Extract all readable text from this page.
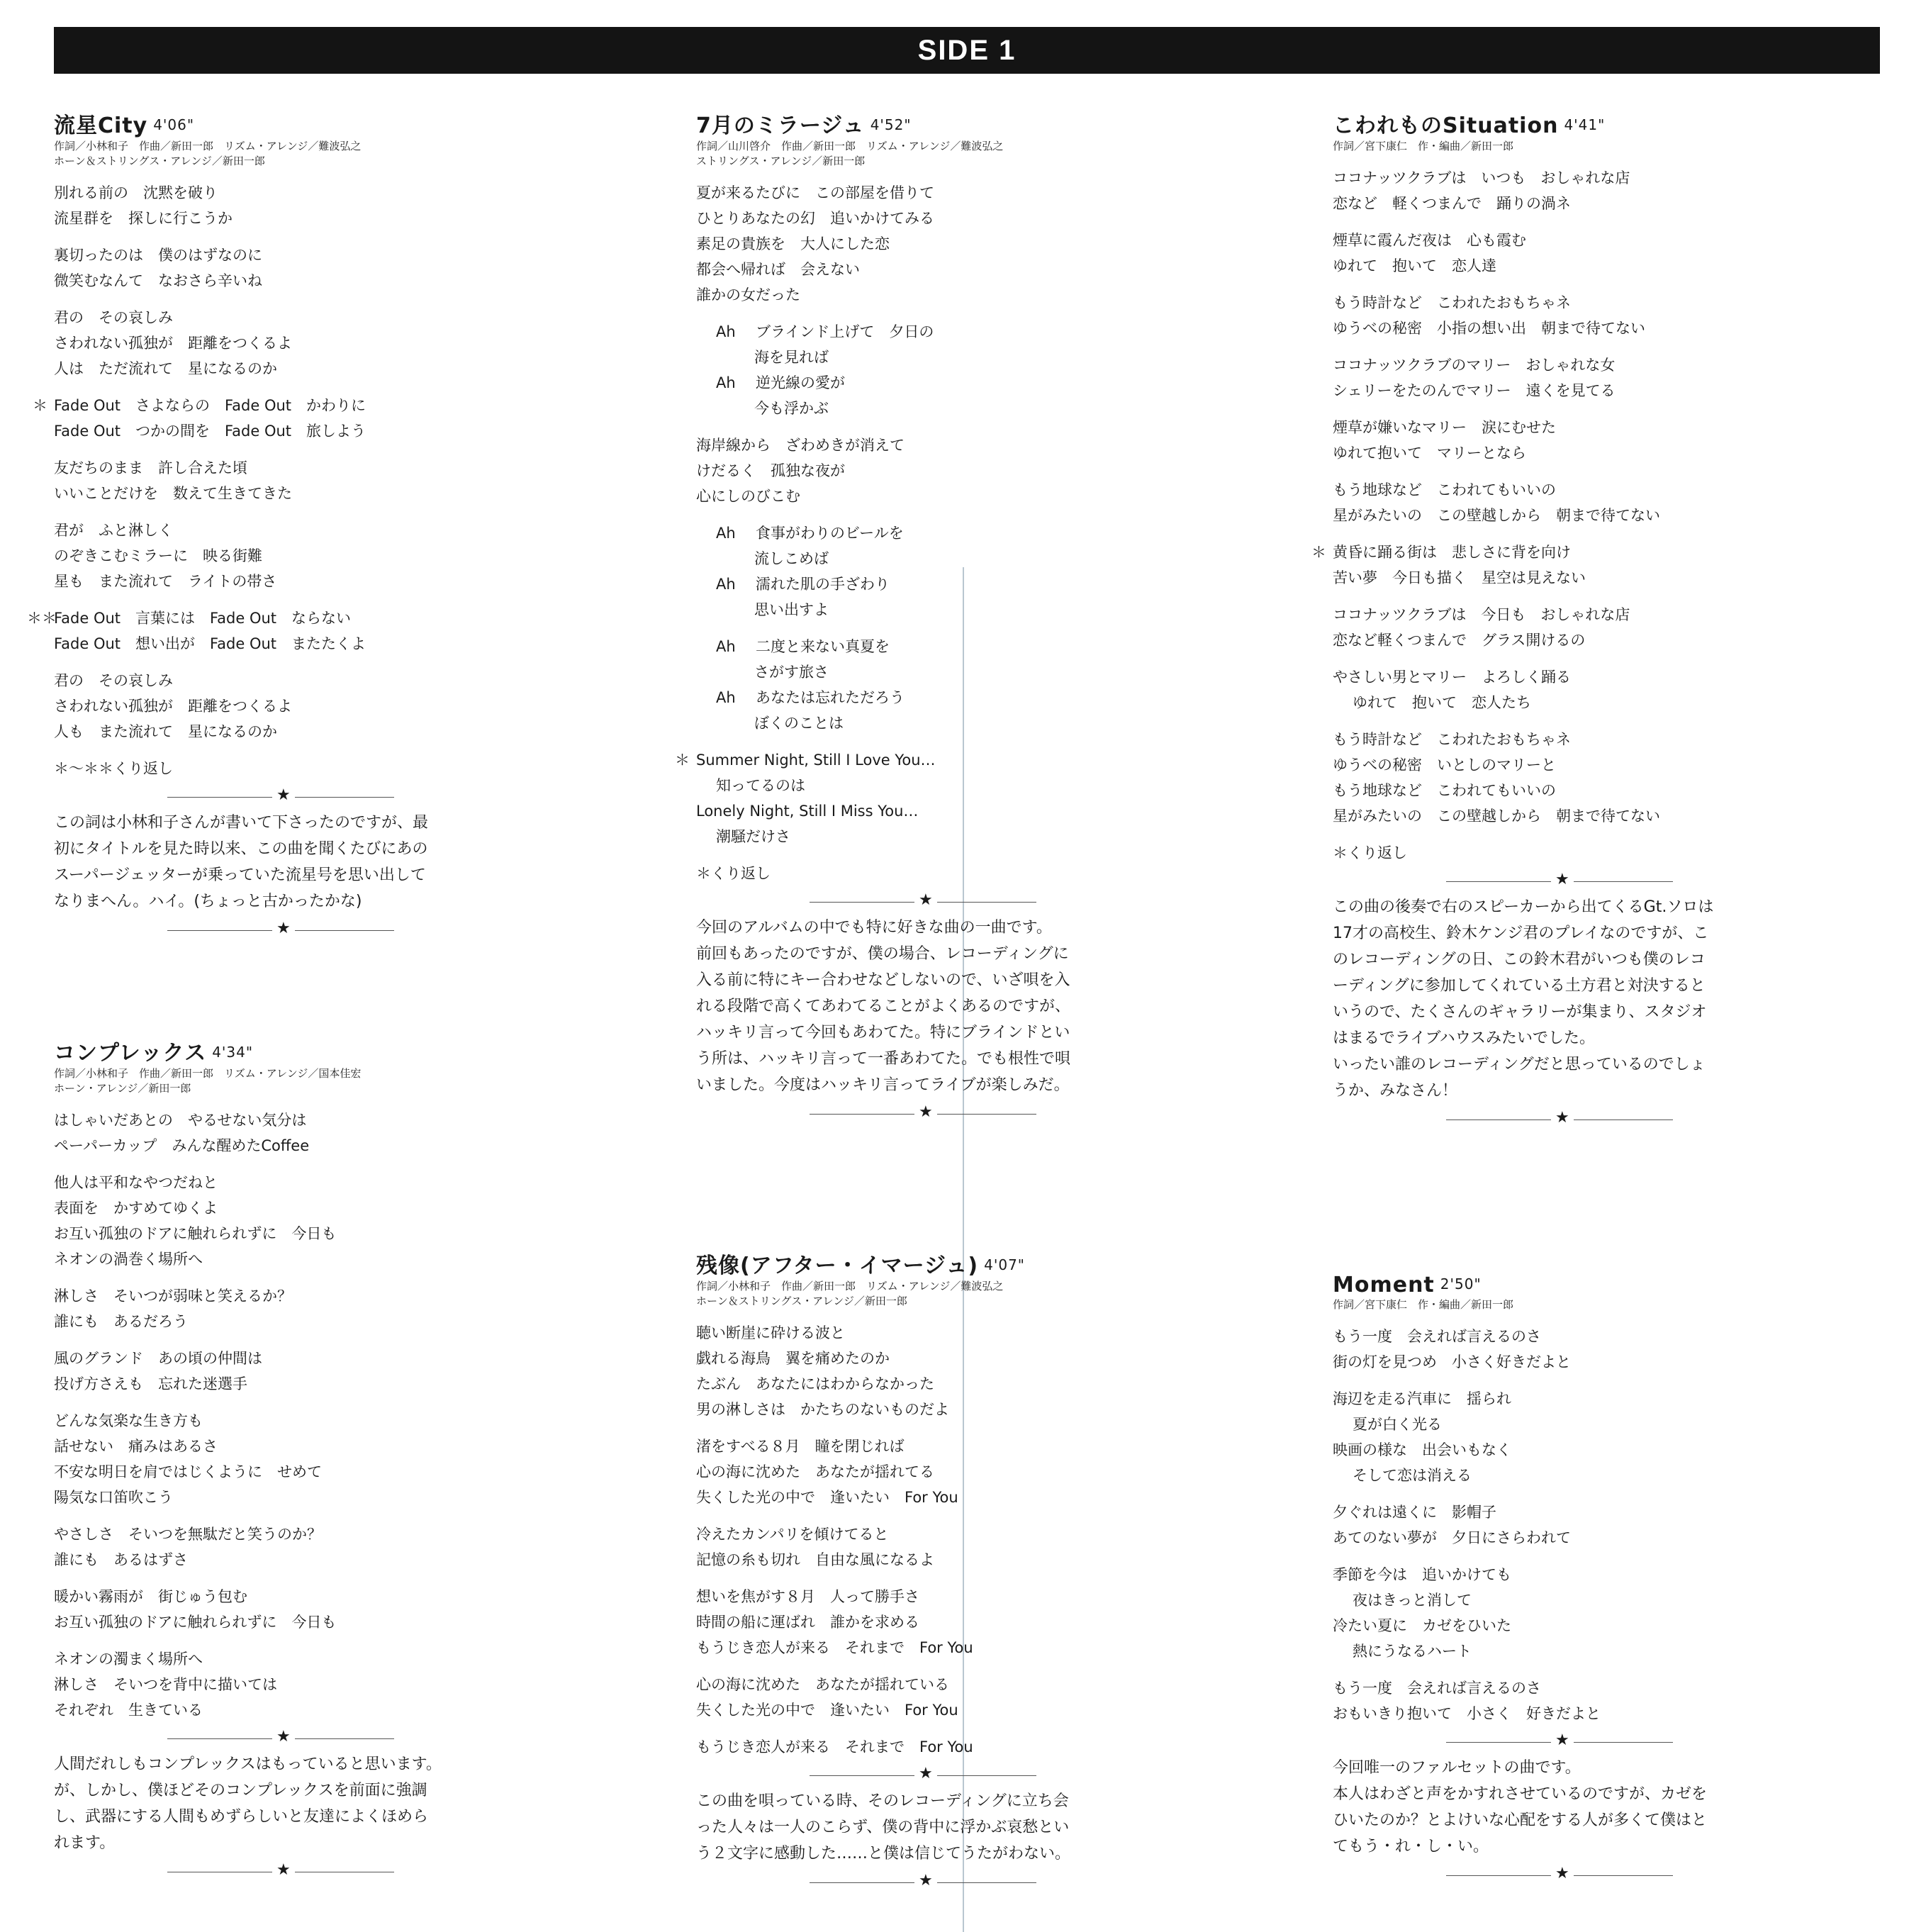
SIDE 1
流星City 4'06"
作詞／小林和子　作曲／新田一郎　リズム・アレンジ／難波弘之
ホーン＆ストリングス・アレンジ／新田一郎
別れる前の　沈黙を破り
流星群を　探しに行こうか
裏切ったのは　僕のはずなのに
微笑むなんて　なおさら辛いね
君の　その哀しみ
さわれない孤独が　距離をつくるよ
人は　ただ流れて　星になるのか
＊ Fade Out　さよならの　Fade Out　かわりに
Fade Out　つかの間を　Fade Out　旅しよう
友だちのまま　許し合えた頃
いいことだけを　数えて生きてきた
君が　ふと淋しく
のぞきこむミラーに　映る街難
星も　また流れて　ライトの帯さ
＊＊
Fade Out　言葉には　Fade Out　ならない
Fade Out　想い出が　Fade Out　またたくよ
君の　その哀しみ
さわれない孤独が　距離をつくるよ
人も　また流れて　星になるのか
＊～＊＊くり返し
★

この詞は小林和子さんが書いて下さったのですが、最

初にタイトルを見た時以来、この曲を聞くたびにあの

スーパージェッターが乗っていた流星号を思い出して

なりまへん。ハイ。(ちょっと古かったかな)

★
コンプレックス 4'34"
作詞／小林和子　作曲／新田一郎　リズム・アレンジ／国本佳宏
ホーン・アレンジ／新田一郎
はしゃいだあとの　やるせない気分は
ペーパーカップ　みんな醒めたCoffee
他人は平和なやつだねと
表面を　かすめてゆくよ
お互い孤独のドアに触れられずに　今日も
ネオンの渦巻く場所へ
淋しさ　そいつが弱味と笑えるか？
誰にも　あるだろう
風のグランド　あの頃の仲間は
投げ方さえも　忘れた迷選手
どんな気楽な生き方も
話せない　痛みはあるさ
不安な明日を肩ではじくように　せめて
陽気な口笛吹こう
やさしさ　そいつを無駄だと笑うのか？
誰にも　あるはずさ
暖かい霧雨が　街じゅう包む
お互い孤独のドアに触れられずに　今日も
ネオンの濁まく場所へ
淋しさ　そいつを背中に描いては
それぞれ　生きている
★

人間だれしもコンプレックスはもっていると思います。

が、しかし、僕ほどそのコンプレックスを前面に強調

し、武器にする人間もめずらしいと友達によくほめら

れます。

★
7月のミラージュ 4'52"
作詞／山川啓介　作曲／新田一郎　リズム・アレンジ／難波弘之
ストリングス・アレンジ／新田一郎
夏が来るたびに　この部屋を借りて
ひとりあなたの幻　追いかけてみる
素足の貴族を　大人にした恋
都会へ帰れば　会えない
誰かの女だった
Ah ブラインド上げて　夕日の
海を見れば
Ah 逆光線の愛が
今も浮かぶ
海岸線から　ざわめきが消えて
けだるく　孤独な夜が
心にしのびこむ
Ah 食事がわりのビールを
流しこめば
Ah 濡れた肌の手ざわり
思い出すよ
Ah 二度と来ない真夏を
さがす旅さ
Ah あなたは忘れただろう
ぼくのことは
＊ Summer Night, Still I Love You…
知ってるのは
Lonely Night, Still I Miss You…
潮騒だけさ
＊くり返し
★

今回のアルバムの中でも特に好きな曲の一曲です。

前回もあったのですが、僕の場合、レコーディングに

入る前に特にキー合わせなどしないので、いざ唄を入

れる段階で高くてあわてることがよくあるのですが、

ハッキリ言って今回もあわてた。特にブラインドとい

う所は、ハッキリ言って一番あわてた。でも根性で唄

いました。今度はハッキリ言ってライブが楽しみだ。

★
残像(アフター・イマージュ) 4'07"
作詞／小林和子　作曲／新田一郎　リズム・アレンジ／難波弘之
ホーン＆ストリングス・アレンジ／新田一郎
聴い断崖に砕ける波と
戯れる海鳥　翼を痛めたのか
たぶん　あなたにはわからなかった
男の淋しさは　かたちのないものだよ
渚をすべる８月　瞳を閉じれば
心の海に沈めた　あなたが揺れてる
失くした光の中で　逢いたい　For You
冷えたカンパリを傾けてると
記憶の糸も切れ　自由な風になるよ
想いを焦がす８月　人って勝手さ
時間の船に運ばれ　誰かを求める
もうじき恋人が来る　それまで　For You
心の海に沈めた　あなたが揺れている
失くした光の中で　逢いたい　For You
もうじき恋人が来る　それまで　For You
★

この曲を唄っている時、そのレコーディングに立ち会

った人々は一人のこらず、僕の背中に浮かぶ哀愁とい

う２文字に感動した……と僕は信じてうたがわない。

★
こわれものSituation 4'41"
作詞／宮下康仁　作・編曲／新田一郎
ココナッツクラブは　いつも　おしゃれな店
恋など　軽くつまんで　踊りの渦ネ
煙草に霞んだ夜は　心も霞む
ゆれて　抱いて　恋人達
もう時計など　こわれたおもちゃネ
ゆうべの秘密　小指の想い出　朝まで待てない
ココナッツクラブのマリー　おしゃれな女
シェリーをたのんでマリー　遠くを見てる
煙草が嫌いなマリー　涙にむせた
ゆれて抱いて　マリーとなら
もう地球など　こわれてもいいの
星がみたいの　この壁越しから　朝まで待てない
＊ 黄昏に踊る街は　悲しさに背を向け
苦い夢　今日も描く　星空は見えない
ココナッツクラブは　今日も　おしゃれな店
恋など軽くつまんで　グラス開けるの
やさしい男とマリー　よろしく踊る
ゆれて　抱いて　恋人たち
もう時計など　こわれたおもちゃネ
ゆうべの秘密　いとしのマリーと
もう地球など　こわれてもいいの
星がみたいの　この壁越しから　朝まで待てない
＊くり返し
★

この曲の後奏で右のスピーカーから出てくるGt.ソロは

17才の高校生、鈴木ケンジ君のプレイなのですが、こ

のレコーディングの日、この鈴木君がいつも僕のレコ

ーディングに参加してくれている土方君と対決すると

いうので、たくさんのギャラリーが集まり、スタジオ

はまるでライブハウスみたいでした。

いったい誰のレコーディングだと思っているのでしょ

うか、みなさん！

★
Moment 2'50"
作詞／宮下康仁　作・編曲／新田一郎
もう一度　会えれば言えるのさ
街の灯を見つめ　小さく好きだよと
海辺を走る汽車に　揺られ
夏が白く光る
映画の様な　出会いもなく
そして恋は消える
夕ぐれは遠くに　影帽子
あてのない夢が　夕日にさらわれて
季節を今は　追いかけても
夜はきっと消して
冷たい夏に　カゼをひいた
熱にうなるハート
もう一度　会えれば言えるのさ
おもいきり抱いて　小さく　好きだよと
★

今回唯一のファルセットの曲です。

本人はわざと声をかすれさせているのですが、カゼを

ひいたのか？とよけいな心配をする人が多くて僕はと

てもう・れ・し・い。

★
